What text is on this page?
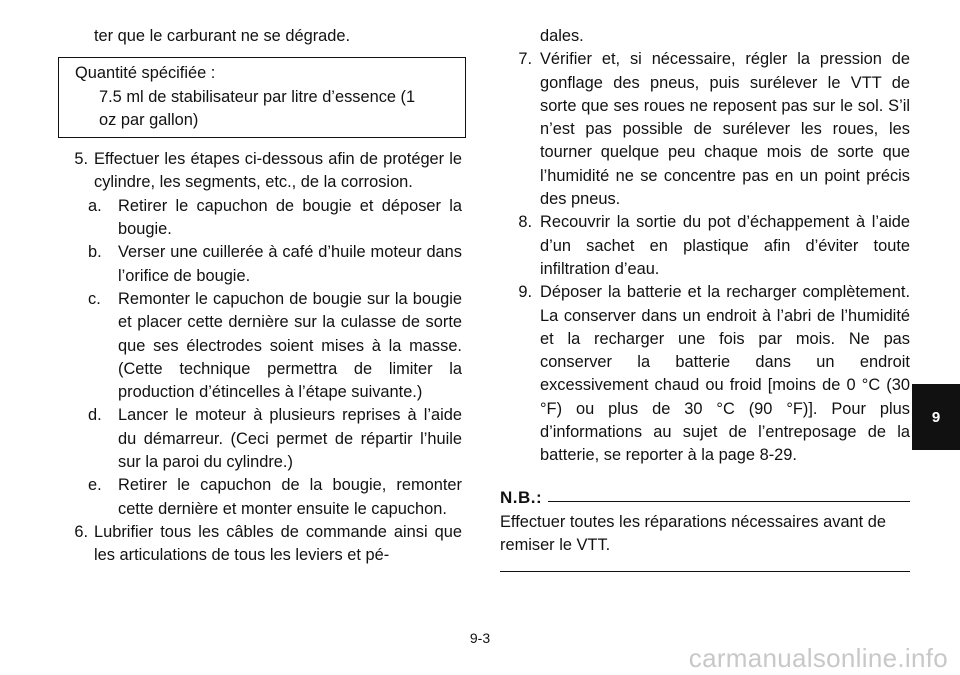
ter que le carburant ne se dégrade.

Quantité spécifiée :

7.5 ml de stabilisateur par litre d’essence (1

oz par gallon)

5. Effectuer les étapes ci-dessous afin de protéger le cylindre, les segments, etc., de la corrosion.
a. Retirer le capuchon de bougie et déposer la bougie.
b. Verser une cuillerée à café d’huile moteur dans l’orifice de bougie.
c.	Remonter le capuchon de bougie sur la bougie et placer cette dernière sur la culasse de sorte que ses électrodes soient mises à la masse. (Cette technique permettra de limiter la production d’étincelles à l’étape suivante.)
d. Lancer le moteur à plusieurs reprises à l’aide du démarreur. (Ceci permet de répartir l’huile sur la paroi du cylindre.)
e. Retirer le capuchon de la bougie, remonter cette dernière et monter ensuite le capuchon.
6. Lubrifier tous les câbles de commande ainsi que les articulations de tous les leviers et pé-

dales.

7. Vérifier et, si nécessaire, régler la pression de gonflage des pneus, puis surélever le VTT de sorte que ses roues ne reposent pas sur le sol. S’il n’est pas possible de surélever les roues, les tourner quelque peu chaque mois de sorte que l’humidité ne se concentre pas en un point précis des pneus.
8. Recouvrir la sortie du pot d’échappement à l’aide d’un sachet en plastique afin d’éviter toute infiltration d’eau.
9. Déposer la batterie et la recharger complètement. La conserver dans un endroit à l’abri de l’humidité et la recharger une fois par mois. Ne pas conserver la batterie dans un endroit excessivement chaud ou froid [moins de 0 °C (30 °F) ou plus de 30 °C (90 °F)]. Pour plus d’informations au sujet de l’entreposage de la batterie, se reporter à la page 8-29.
N.B.:

Effectuer toutes les réparations nécessaires avant de remiser le VTT.

9
9-3
carmanualsonline.info
